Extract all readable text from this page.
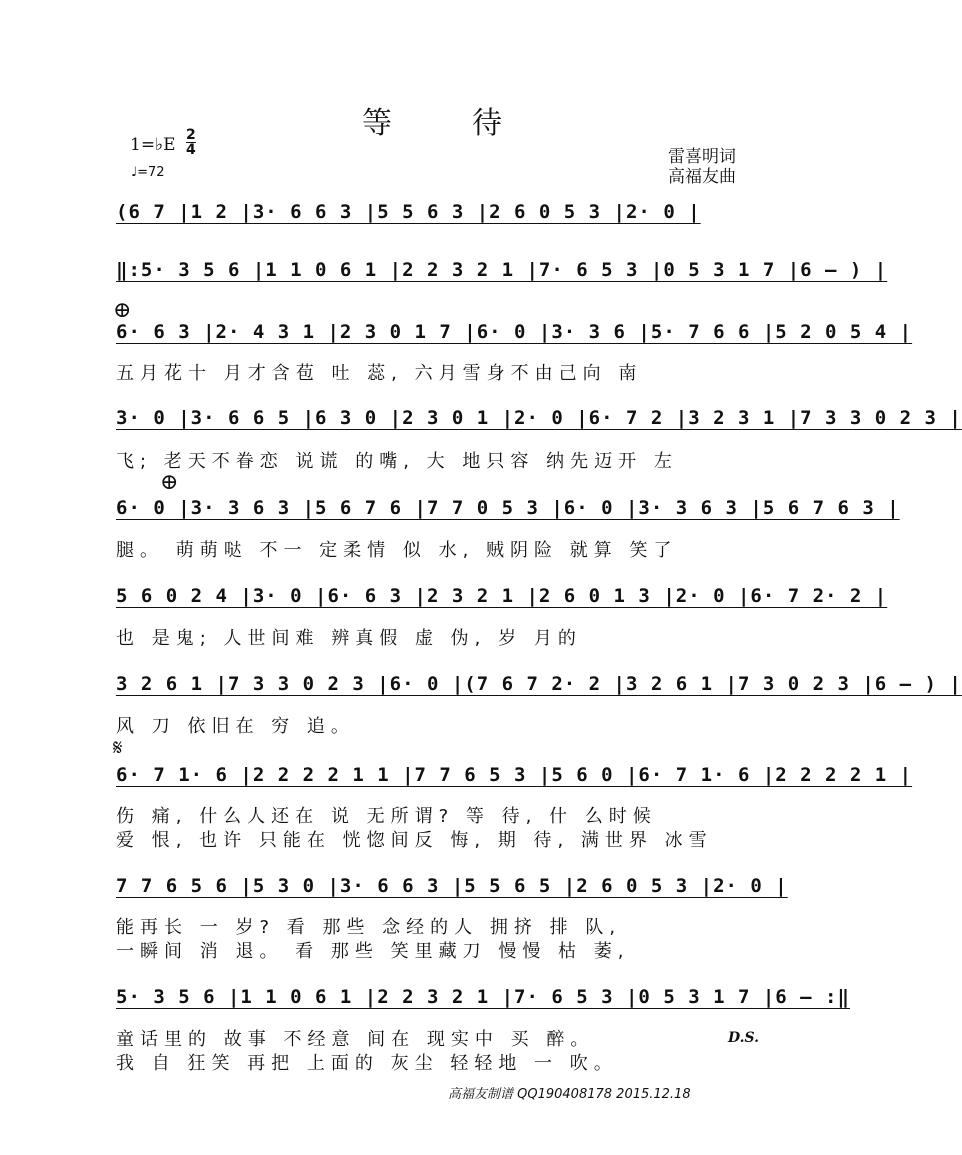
等	待
1=♭E 2
4
♩=72
雷喜明词
高福友曲
(6 7 |1 2 |3· 6 6 3 |5 5 6 3 |2 6 0 5 3 |2· 0 |
‖:5· 3 5 6 |1 1 0 6 1 |2 2 3 2 1 |7· 6 5 3 |0 5 3 1 7 |6 – ) |
⊕
6· 6 3 |2· 4 3 1 |2 3 0 1 7 |6· 0 |3· 3 6 |5· 7 6 6 |5 2 0 5 4 |
五月花十 月才含苞 吐 蕊, 六月雪身不由己向 南
3· 0 |3· 6 6 5 |6 3 0 |2 3 0 1 |2· 0 |6· 7 2 |3 2 3 1 |7 3 3 0 2 3 |
飞; 老天不眷恋 说谎 的嘴, 大 地只容 纳先迈开 左
⊕
6· 0 |3· 3 6 3 |5 6 7 6 |7 7 0 5 3 |6· 0 |3· 3 6 3 |5 6 7 6 3 |
腿。 萌萌哒 不一 定柔情 似 水, 贼阴险 就算 笑了
5 6 0 2 4 |3· 0 |6· 6 3 |2 3 2 1 |2 6 0 1 3 |2· 0 |6· 7 2· 2 |
也 是鬼; 人世间难 辨真假 虚 伪, 岁 月的
3 2 6 1 |7 3 3 0 2 3 |6· 0 |(7 6 7 2· 2 |3 2 6 1 |7 3 0 2 3 |6 – ) |
风 刀 依旧在 穷 追。
𝄋
6· 7 1· 6 |2 2 2 2 1 1 |7 7 6 5 3 |5 6 0 |6· 7 1· 6 |2 2 2 2 1 |
伤 痛, 什么人还在 说 无所谓? 等 待, 什 么时候
爱 恨, 也许 只能在 恍惚间反 悔, 期 待, 满世界 冰雪
7 7 6 5 6 |5 3 0 |3· 6 6 3 |5 5 6 5 |2 6 0 5 3 |2· 0 |
能再长 一 岁? 看 那些 念经的人 拥挤 排 队,
一瞬间 消 退。 看 那些 笑里藏刀 慢慢 枯 萎,
5· 3 5 6 |1 1 0 6 1 |2 2 3 2 1 |7· 6 5 3 |0 5 3 1 7 |6 – :‖
童话里的 故事 不经意 间在 现实中 买 醉。
我 自 狂笑 再把 上面的 灰尘 轻轻地 一 吹。
D.S.
高福友制谱 QQ190408178 2015.12.18
